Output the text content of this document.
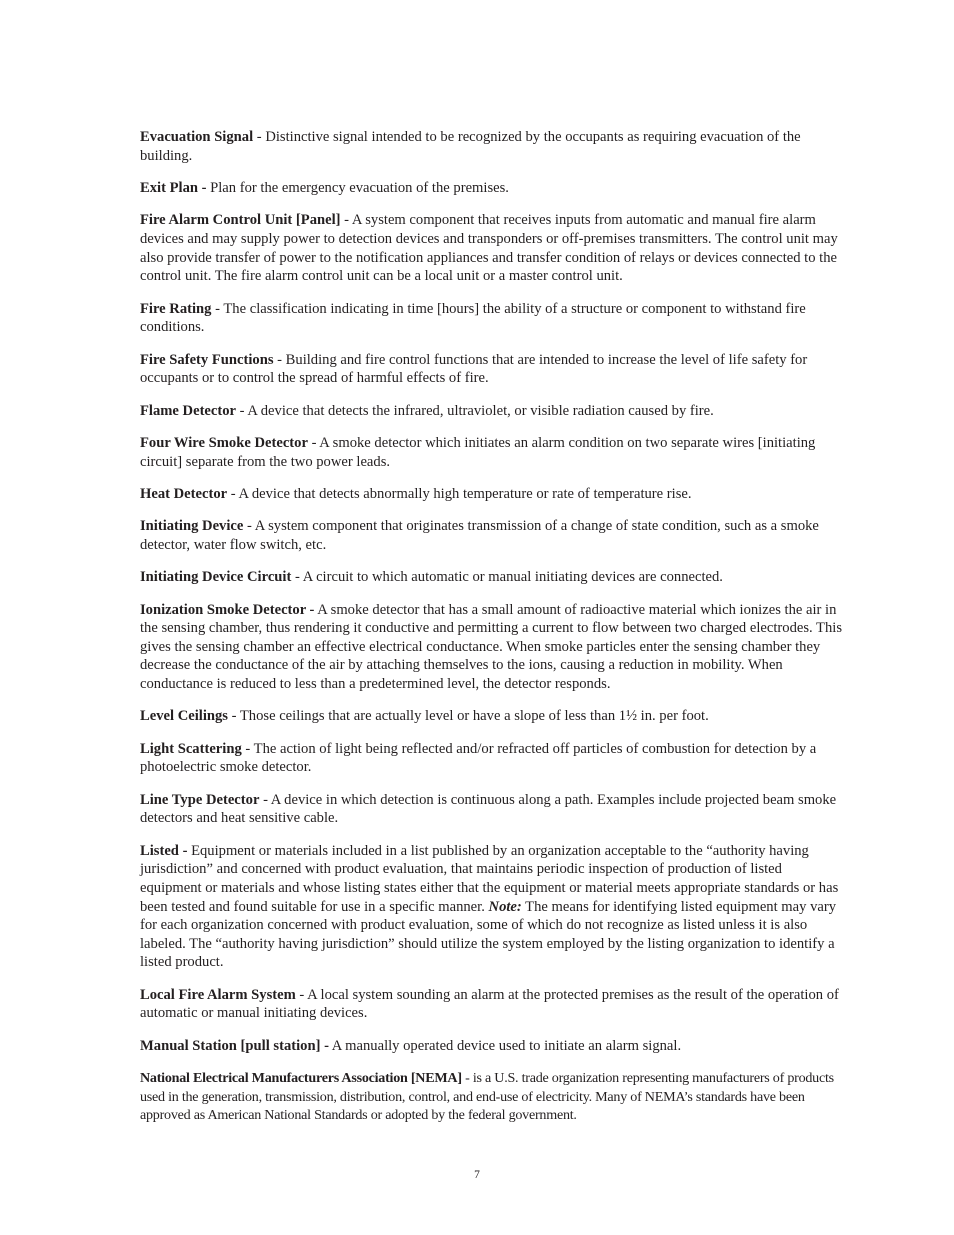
Evacuation Signal - Distinctive signal intended to be recognized by the occupants as requiring evacuation of the building.

Exit Plan - Plan for the emergency evacuation of the premises.

Fire Alarm Control Unit [Panel] - A system component that receives inputs from automatic and manual fire alarm devices and may supply power to detection devices and transponders or off-premises transmitters. The control unit may also provide transfer of power to the notification appliances and transfer condition of relays or devices connected to the control unit. The fire alarm control unit can be a local unit or a master control unit.

Fire Rating - The classification indicating in time [hours] the ability of a structure or component to withstand fire conditions.

Fire Safety Functions - Building and fire control functions that are intended to increase the level of life safety for occupants or to control the spread of harmful effects of fire.

Flame Detector - A device that detects the infrared, ultraviolet, or visible radiation caused by fire.

Four Wire Smoke Detector - A smoke detector which initiates an alarm condition on two separate wires [initiating circuit] separate from the two power leads.

Heat Detector - A device that detects abnormally high temperature or rate of temperature rise.

Initiating Device - A system component that originates transmission of a change of state condition, such as a smoke detector, water flow switch, etc.

Initiating Device Circuit - A circuit to which automatic or manual initiating devices are connected.

Ionization Smoke Detector - A smoke detector that has a small amount of radioactive material which ionizes the air in the sensing chamber, thus rendering it conductive and permitting a current to flow between two charged electrodes. This gives the sensing chamber an effective electrical conductance. When smoke particles enter the sensing chamber they decrease the conductance of the air by attaching themselves to the ions, causing a reduction in mobility. When conductance is reduced to less than a predetermined level, the detector responds.

Level Ceilings - Those ceilings that are actually level or have a slope of less than 1½ in. per foot.

Light Scattering - The action of light being reflected and/or refracted off particles of combustion for detection by a photoelectric smoke detector.

Line Type Detector - A device in which detection is continuous along a path. Examples include projected beam smoke detectors and heat sensitive cable.

Listed - Equipment or materials included in a list published by an organization acceptable to the “authority having jurisdiction” and concerned with product evaluation, that maintains periodic inspection of production of listed equipment or materials and whose listing states either that the equipment or material meets appropriate standards or has been tested and found suitable for use in a specific manner. Note: The means for identifying listed equipment may vary for each organization concerned with product evaluation, some of which do not recognize as listed unless it is also labeled. The “authority having jurisdiction” should utilize the system employed by the listing organization to identify a listed product.

Local Fire Alarm System - A local system sounding an alarm at the protected premises as the result of the operation of automatic or manual initiating devices.

Manual Station [pull station] - A manually operated device used to initiate an alarm signal.

National Electrical Manufacturers Association [NEMA] - is a U.S. trade organization representing manufacturers of products used in the generation, transmission, distribution, control, and end-use of electricity. Many of NEMA’s standards have been approved as American National Standards or adopted by the federal government.

7
